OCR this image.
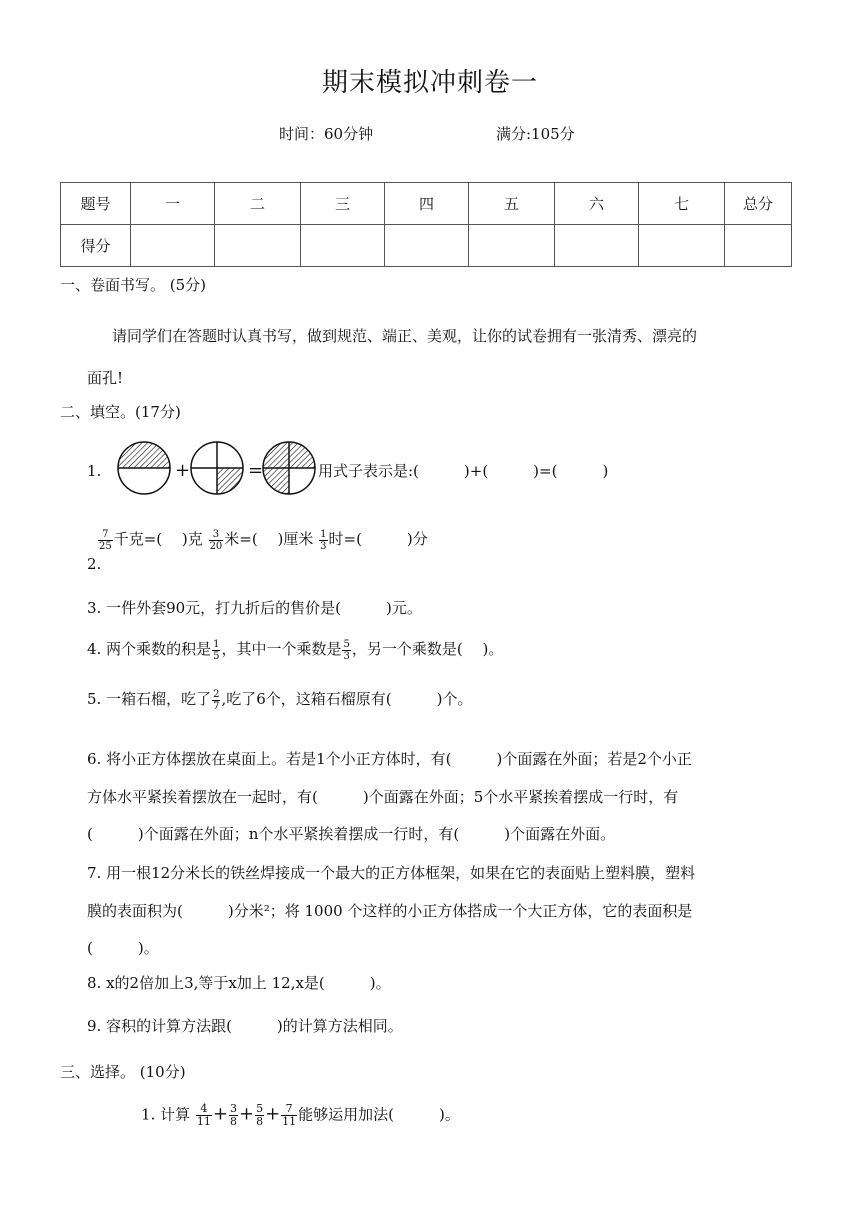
期末模拟冲刺卷一
时间：60分钟	满分:105分
题号	一	二	三	四	五	六	七	总分
得分								
一、卷面书写。 (5分)
请同学们在答题时认真书写，做到规范、端正、美观，让你的试卷拥有一张清秀、漂亮的
面孔!
二、填空。(17分)
1.	+	=	用式子表示是:(　　　)+(　　　)=(　　　)
2.
$\frac{7}{25}$ 千克=(　 )克 $\frac{3}{20}$ 米=(　 )厘米 $\frac{1}{3}$ 时=(　　　)分
3. 一件外套90元，打九折后的售价是(　　　)元。
4. 两个乘数的积是 $\frac{1}{5}$ ，其中一个乘数是 $\frac{5}{3}$ ，另一个乘数是(　 )。
5. 一箱石榴，吃了 $\frac{2}{7}$ ,吃了6个，这箱石榴原有(　　　)个。
6. 将小正方体摆放在桌面上。若是1个小正方体时，有(　　　)个面露在外面；若是2个小正
方体水平紧挨着摆放在一起时，有(　　　)个面露在外面；5个水平紧挨着摆成一行时，有
(　　　)个面露在外面；n个水平紧挨着摆成一行时，有(　　　)个面露在外面。
7. 用一根12分米长的铁丝焊接成一个最大的正方体框架，如果在它的表面贴上塑料膜，塑料
膜的表面积为(　　　)分米²；将 1000 个这样的小正方体搭成一个大正方体，它的表面积是
(　　　)。
8. x的2倍加上3,等于x加上 12,x是(　　　)。
9. 容积的计算方法跟(　　　)的计算方法相同。
三、选择。 (10分)
1. 计算 $\frac{4}{11} + \frac{3}{8} + \frac{5}{8} + \frac{7}{11}$ 能够运用加法(　　　)。
